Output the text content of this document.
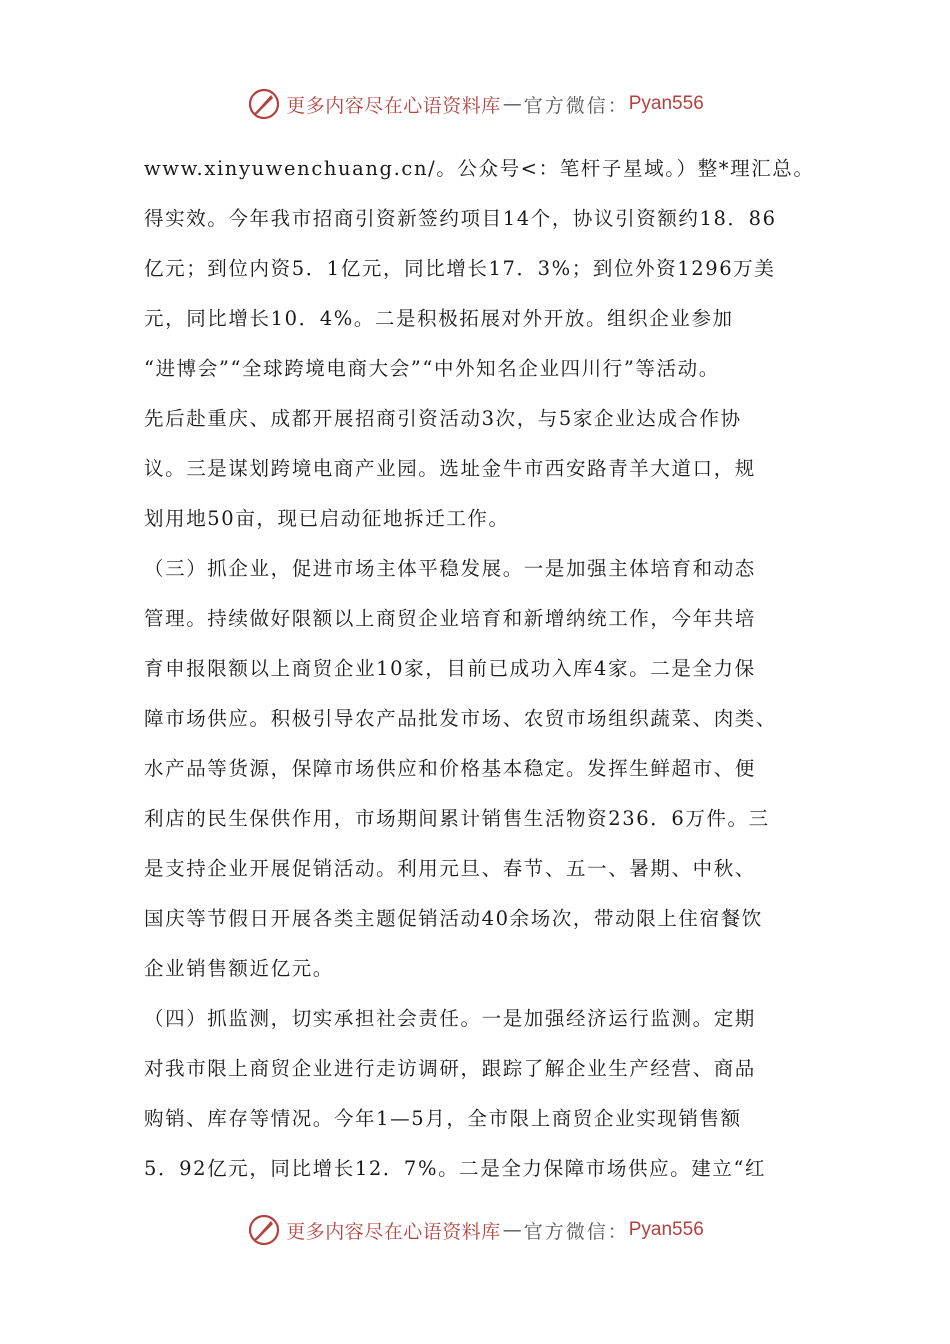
更多内容尽在心语资料库 — 官方微信： Pyan556
www.xinyuwenchuang.cn/。公众号<：笔杆子星域。）整*理汇总。
得实效。今年我市招商引资新签约项目14个，协议引资额约18．86
亿元；到位内资5．1亿元，同比增长17．3%；到位外资1296万美
元，同比增长10．4%。二是积极拓展对外开放。组织企业参加
“进博会”“全球跨境电商大会”“中外知名企业四川行”等活动。
先后赴重庆、成都开展招商引资活动3次，与5家企业达成合作协
议。三是谋划跨境电商产业园。选址金牛市西安路青羊大道口，规
划用地50亩，现已启动征地拆迁工作。
（三）抓企业，促进市场主体平稳发展。一是加强主体培育和动态
管理。持续做好限额以上商贸企业培育和新增纳统工作，今年共培
育申报限额以上商贸企业10家，目前已成功入库4家。二是全力保
障市场供应。积极引导农产品批发市场、农贸市场组织蔬菜、肉类、
水产品等货源，保障市场供应和价格基本稳定。发挥生鲜超市、便
利店的民生保供作用，市场期间累计销售生活物资236．6万件。三
是支持企业开展促销活动。利用元旦、春节、五一、暑期、中秋、
国庆等节假日开展各类主题促销活动40余场次，带动限上住宿餐饮
企业销售额近亿元。
（四）抓监测，切实承担社会责任。一是加强经济运行监测。定期
对我市限上商贸企业进行走访调研，跟踪了解企业生产经营、商品
购销、库存等情况。今年1—5月，全市限上商贸企业实现销售额
5．92亿元，同比增长12．7%。二是全力保障市场供应。建立“红
更多内容尽在心语资料库 — 官方微信： Pyan556
